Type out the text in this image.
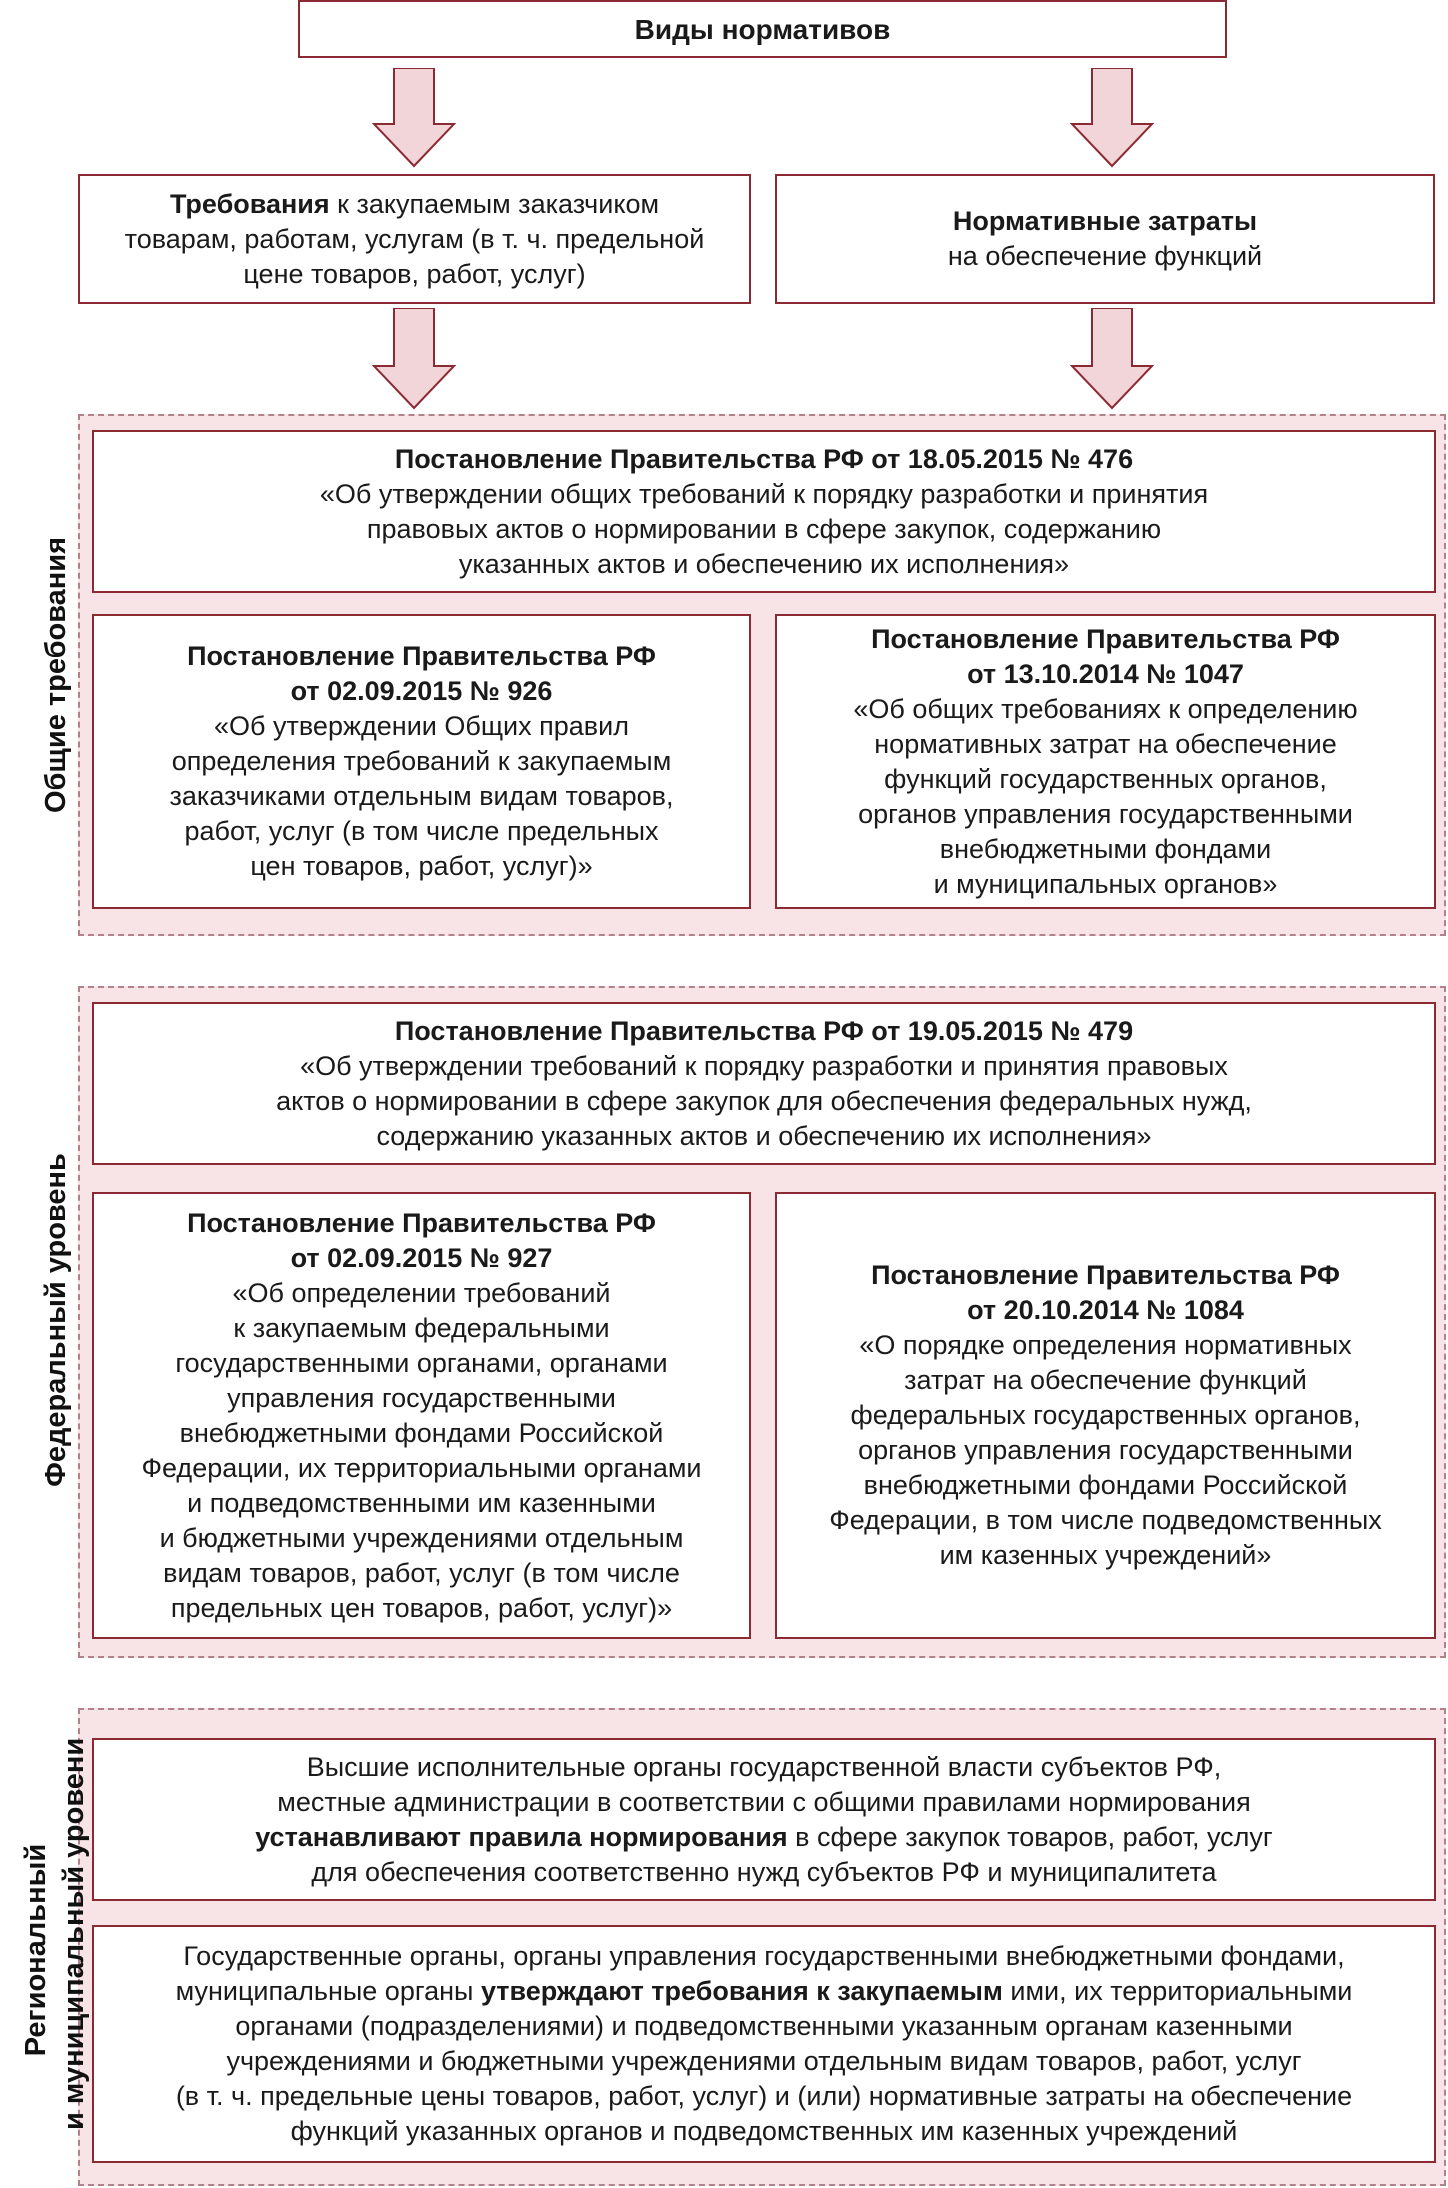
Виды нормативов
Требования к закупаемым заказчиком
товарам, работам, услугам (в т. ч. предельной
цене товаров, работ, услуг)
Нормативные затраты
на обеспечение функций
Общие требования
Постановление Правительства РФ от 18.05.2015 № 476
«Об утверждении общих требований к порядку разработки и принятия
правовых актов о нормировании в сфере закупок, содержанию
указанных актов и обеспечению их исполнения»
Постановление Правительства РФ
от 02.09.2015 № 926
«Об утверждении Общих правил
определения требований к закупаемым
заказчиками отдельным видам товаров,
работ, услуг (в том числе предельных
цен товаров, работ, услуг)»
Постановление Правительства РФ
от 13.10.2014 № 1047
«Об общих требованиях к определению
нормативных затрат на обеспечение
функций государственных органов,
органов управления государственными
внебюджетными фондами
и муниципальных органов»
Федеральный уровень
Постановление Правительства РФ от 19.05.2015 № 479
«Об утверждении требований к порядку разработки и принятия правовых
актов о нормировании в сфере закупок для обеспечения федеральных нужд,
содержанию указанных актов и обеспечению их исполнения»
Постановление Правительства РФ
от 02.09.2015 № 927
«Об определении требований
к закупаемым федеральными
государственными органами, органами
управления государственными
внебюджетными фондами Российской
Федерации, их территориальными органами
и подведомственными им казенными
и бюджетными учреждениями отдельным
видам товаров, работ, услуг (в том числе
предельных цен товаров, работ, услуг)»
Постановление Правительства РФ
от 20.10.2014 № 1084
«О порядке определения нормативных
затрат на обеспечение функций
федеральных государственных органов,
органов управления государственными
внебюджетными фондами Российской
Федерации, в том числе подведомственных
им казенных учреждений»
Региональный и муниципальный уровени	Высшие исполнительные органы государственной власти субъектов РФ,
местные администрации в соответствии с общими правилами нормирования
устанавливают правила нормирования в сфере закупок товаров, работ, услуг
для обеспечения соответственно нужд субъектов РФ и муниципалитета
Государственные органы, органы управления государственными внебюджетными фондами,
муниципальные органы утверждают требования к закупаемым ими, их территориальными
органами (подразделениями) и подведомственными указанным органам казенными
учреждениями и бюджетными учреждениями отдельным видам товаров, работ, услуг
(в т. ч. предельные цены товаров, работ, услуг) и (или) нормативные затраты на обеспечение
функций указанных органов и подведомственных им казенных учреждений
